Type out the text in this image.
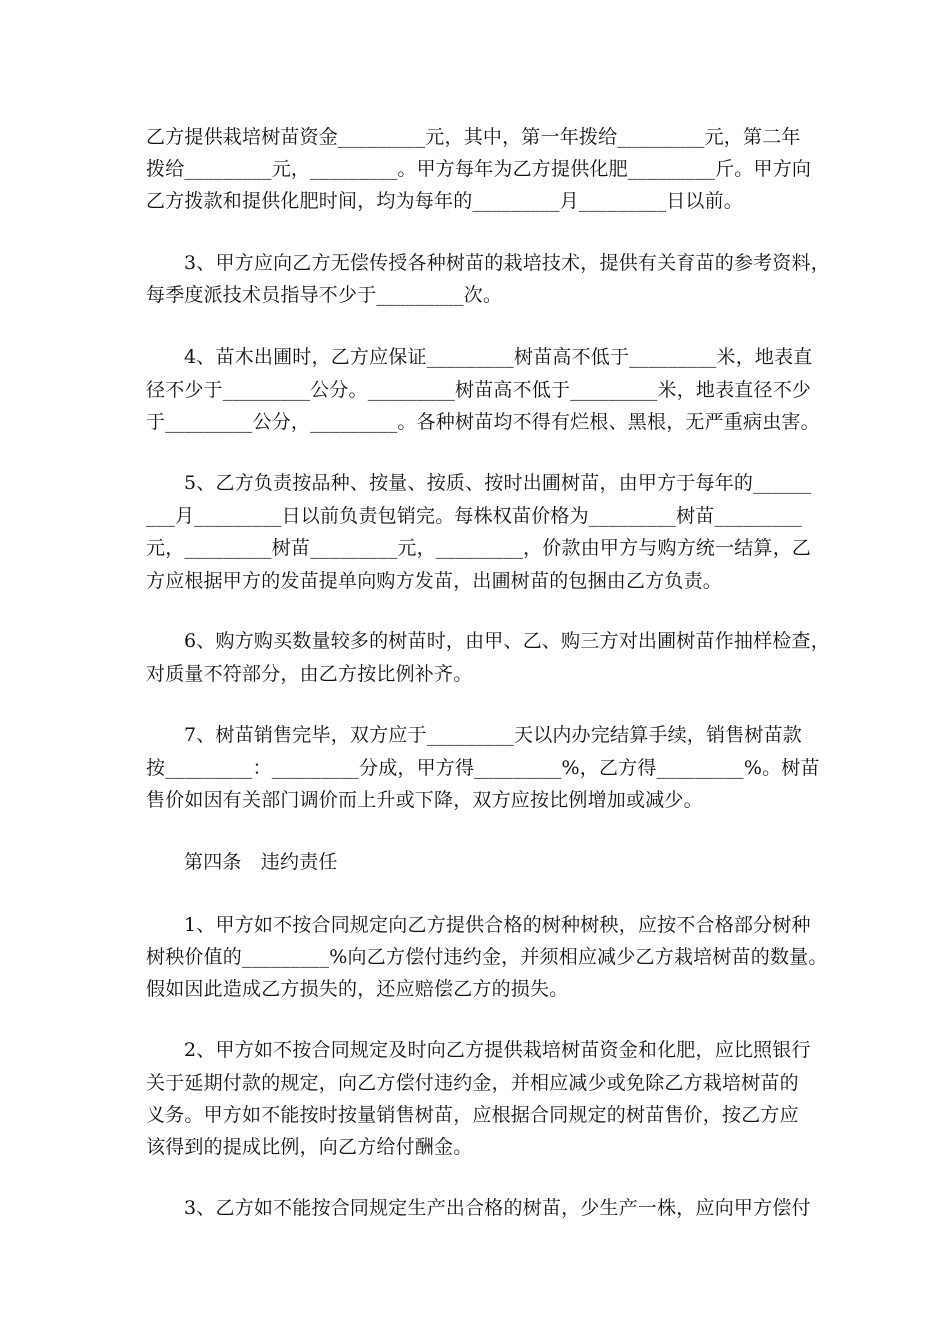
乙方提供栽培树苗资金_________元，其中，第一年拨给_________元，第二年
拨给_________元，_________。甲方每年为乙方提供化肥_________斤。甲方向
乙方拨款和提供化肥时间，均为每年的_________月_________日以前。
3、甲方应向乙方无偿传授各种树苗的栽培技术，提供有关育苗的参考资料，
每季度派技术员指导不少于_________次。
4、苗木出圃时，乙方应保证_________树苗高不低于_________米，地表直
径不少于_________公分。_________树苗高不低于_________米，地表直径不少
于_________公分，_________。各种树苗均不得有烂根、黑根，无严重病虫害。
5、乙方负责按品种、按量、按质、按时出圃树苗，由甲方于每年的______
___月_________日以前负责包销完。每株权苗价格为_________树苗_________
元，_________树苗_________元，_________，价款由甲方与购方统一结算，乙
方应根据甲方的发苗提单向购方发苗，出圃树苗的包捆由乙方负责。
6、购方购买数量较多的树苗时，由甲、乙、购三方对出圃树苗作抽样检查，
对质量不符部分，由乙方按比例补齐。
7、树苗销售完毕，双方应于_________天以内办完结算手续，销售树苗款
按_________：_________分成，甲方得_________%，乙方得_________%。树苗
售价如因有关部门调价而上升或下降，双方应按比例增加或减少。
第四条　违约责任
1、甲方如不按合同规定向乙方提供合格的树种树秧，应按不合格部分树种
树秧价值的_________%向乙方偿付违约金，并须相应减少乙方栽培树苗的数量。
假如因此造成乙方损失的，还应赔偿乙方的损失。
2、甲方如不按合同规定及时向乙方提供栽培树苗资金和化肥，应比照银行
关于延期付款的规定，向乙方偿付违约金，并相应减少或免除乙方栽培树苗的
义务。甲方如不能按时按量销售树苗，应根据合同规定的树苗售价，按乙方应
该得到的提成比例，向乙方给付酬金。
3、乙方如不能按合同规定生产出合格的树苗，少生产一株，应向甲方偿付
